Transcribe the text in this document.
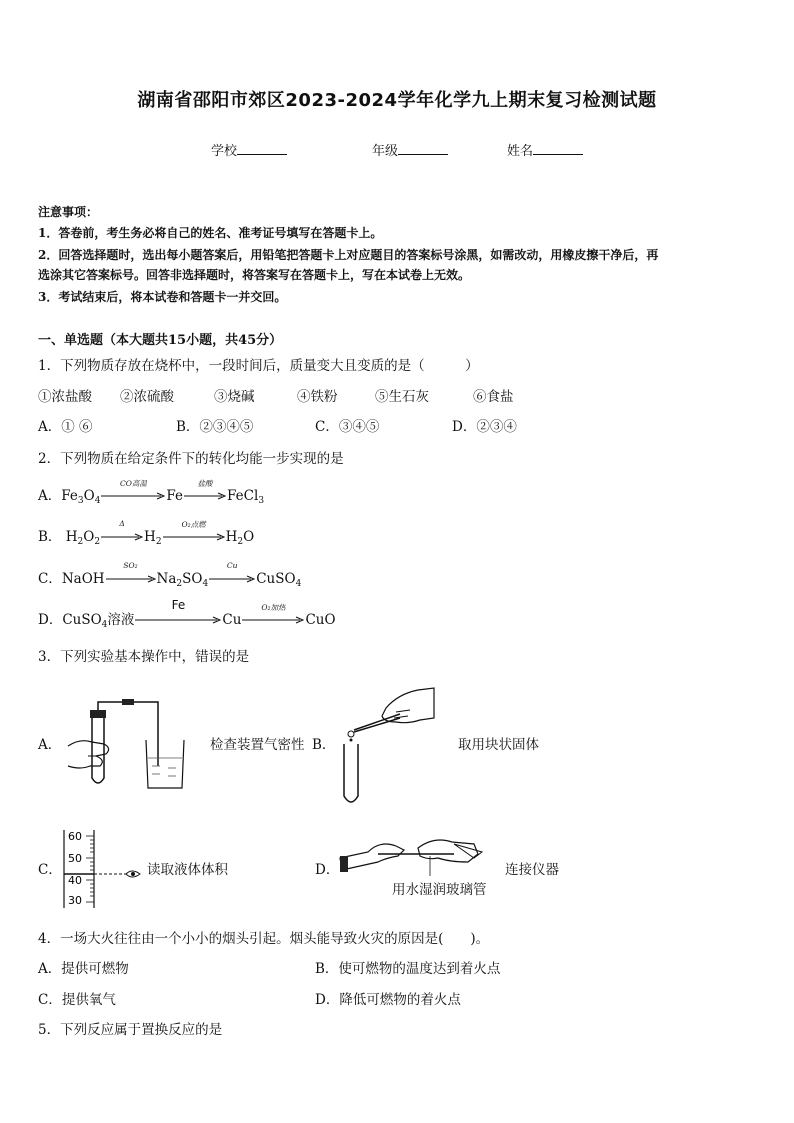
湖南省邵阳市郊区2023-2024学年化学九上期末复习检测试题
学校	年级	姓名
注意事项：
1．答卷前，考生务必将自己的姓名、准考证号填写在答题卡上。
2．回答选择题时，选出每小题答案后，用铅笔把答题卡上对应题目的答案标号涂黑，如需改动，用橡皮擦干净后，再
选涂其它答案标号。回答非选择题时，将答案写在答题卡上，写在本试卷上无效。
3．考试结束后，将本试卷和答题卡一并交回。
一、单选题（本大题共15小题，共45分）
1．下列物质存放在烧杯中，一段时间后，质量变大且变质的是（　　　）
①浓盐酸 ②浓硫酸	③烧碱	④铁粉	⑤生石灰	⑥食盐
A．① ⑥	B．②③④⑤	C．③④⑤	D．②③④
2．下列物质在给定条件下的转化均能一步实现的是
A．$Fe_3O_4$
CO高温
Fe
盐酸
FeCl$_3$
B． $H_2O_2$
Δ
$H_2$
O₂点燃
$H_2O$
C．NaOH
SO₂
$Na_2SO_4$
Cu
CuSO$_4$
D．CuSO$_4$溶液
Fe
Cu
O₂加热
CuO
3．下列实验基本操作中，错误的是
A．	检查装置气密性 B．	取用块状固体
C．
60
50
40
30
读取液体体积	D．	连接仪器
用水湿润玻璃管
4．一场大火往往由一个小小的烟头引起。烟头能导致火灾的原因是(　　)。
A．提供可燃物	B．使可燃物的温度达到着火点
C．提供氧气	D．降低可燃物的着火点
5．下列反应属于置换反应的是
